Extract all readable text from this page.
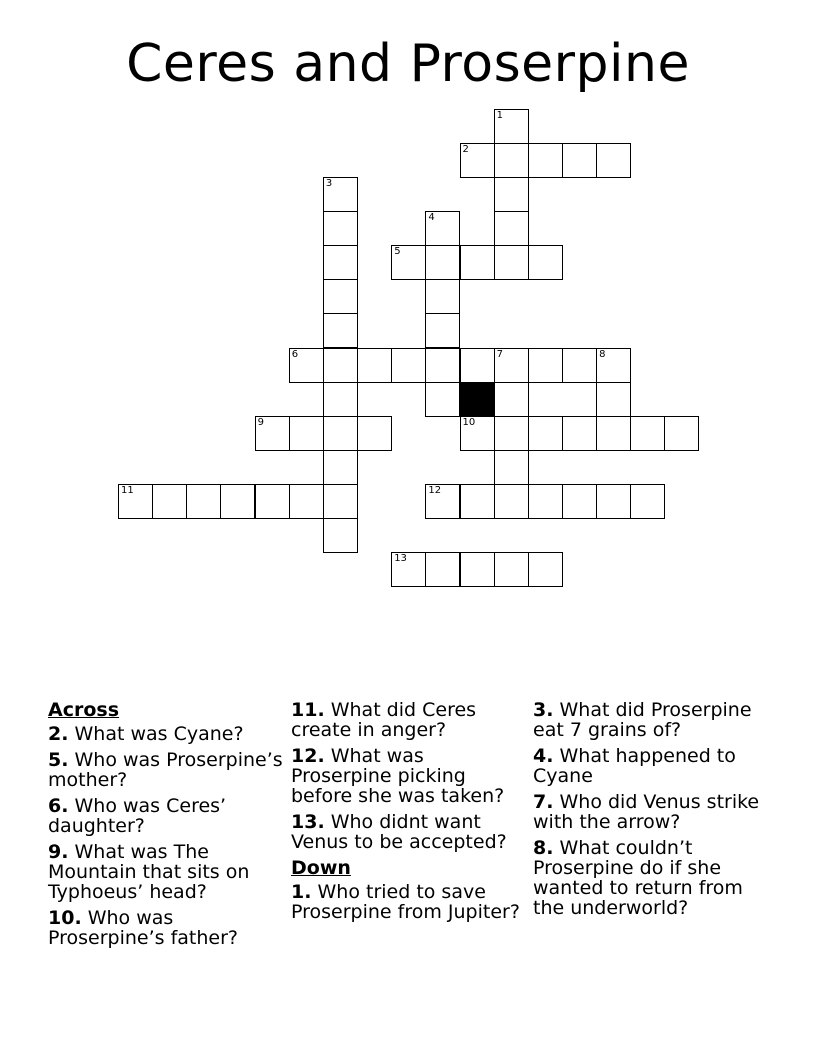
Ceres and Proserpine
1
2
3
4
5
6	7	8
9	10
11	12
13
Across
2. What was Cyane?
5. Who was Proserpine’s mother?
6. Who was Ceres’ daughter?
9. What was The Mountain that sits on Typhoeus’ head?
10. Who was Proserpine’s father?
11. What did Ceres create in anger?
12. What was Proserpine picking before she was taken?
13. Who didnt want Venus to be accepted?
Down
1. Who tried to save Proserpine from Jupiter?
3. What did Proserpine eat 7 grains of?
4. What happened to Cyane
7. Who did Venus strike with the arrow?
8. What couldn’t Proserpine do if she wanted to return from the underworld?
